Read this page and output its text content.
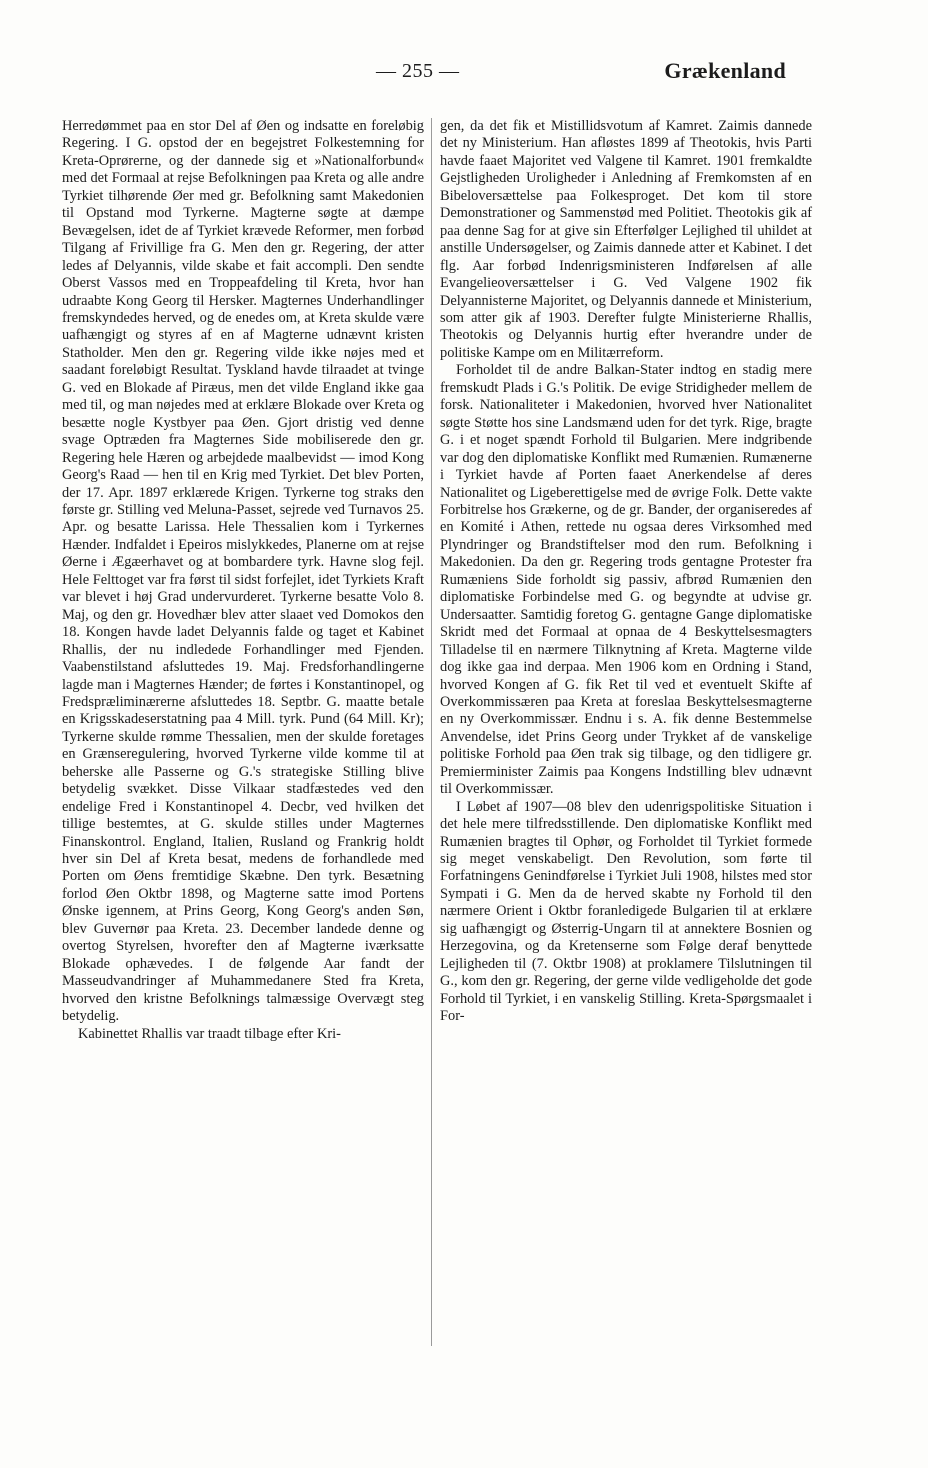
— 255 —	Grækenland

Herredømmet paa en stor Del af Øen og indsatte en foreløbig Regering. I G. opstod der en begejstret Folkestemning for Kreta-Oprørerne, og der dannede sig et »Nationalforbund« med det Formaal at rejse Befolkningen paa Kreta og alle andre Tyrkiet tilhørende Øer med gr. Befolkning samt Makedonien til Opstand mod Tyrkerne. Magterne søgte at dæmpe Bevægelsen, idet de af Tyrkiet krævede Reformer, men forbød Tilgang af Frivillige fra G. Men den gr. Regering, der atter ledes af Delyannis, vilde skabe et fait accompli. Den sendte Oberst Vassos med en Troppeafdeling til Kreta, hvor han udraabte Kong Georg til Hersker. Magternes Underhandlinger fremskyndedes herved, og de enedes om, at Kreta skulde være uafhængigt og styres af en af Magterne udnævnt kristen Statholder. Men den gr. Regering vilde ikke nøjes med et saadant foreløbigt Resultat. Tyskland havde tilraadet at tvinge G. ved en Blokade af Piræus, men det vilde England ikke gaa med til, og man nøjedes med at erklære Blokade over Kreta og besætte nogle Kystbyer paa Øen. Gjort dristig ved denne svage Optræden fra Magternes Side mobiliserede den gr. Regering hele Hæren og arbejdede maalbevidst — imod Kong Georg's Raad — hen til en Krig med Tyrkiet. Det blev Porten, der 17. Apr. 1897 erklærede Krigen. Tyrkerne tog straks den første gr. Stilling ved Meluna-Passet, sejrede ved Turnavos 25. Apr. og besatte Larissa. Hele Thessalien kom i Tyrkernes Hænder. Indfaldet i Epeiros mislykkedes, Planerne om at rejse Øerne i Ægæerhavet og at bombardere tyrk. Havne slog fejl. Hele Felttoget var fra først til sidst forfejlet, idet Tyrkiets Kraft var blevet i høj Grad undervurderet. Tyrkerne besatte Volo 8. Maj, og den gr. Hovedhær blev atter slaaet ved Domokos den 18. Kongen havde ladet Delyannis falde og taget et Kabinet Rhallis, der nu indledede Forhandlinger med Fjenden. Vaabenstilstand afsluttedes 19. Maj. Fredsforhandlingerne lagde man i Magternes Hænder; de førtes i Konstantinopel, og Fredspræliminærerne afsluttedes 18. Septbr. G. maatte betale en Krigsskadeserstatning paa 4 Mill. tyrk. Pund (64 Mill. Kr); Tyrkerne skulde rømme Thessalien, men der skulde foretages en Grænseregulering, hvorved Tyrkerne vilde komme til at beherske alle Passerne og G.'s strategiske Stilling blive betydelig svækket. Disse Vilkaar stadfæstedes ved den endelige Fred i Konstantinopel 4. Decbr, ved hvilken det tillige bestemtes, at G. skulde stilles under Magternes Finanskontrol. England, Italien, Rusland og Frankrig holdt hver sin Del af Kreta besat, medens de forhandlede med Porten om Øens fremtidige Skæbne. Den tyrk. Besætning forlod Øen Oktbr 1898, og Magterne satte imod Portens Ønske igennem, at Prins Georg, Kong Georg's anden Søn, blev Guvernør paa Kreta. 23. December landede denne og overtog Styrelsen, hvorefter den af Magterne iværksatte Blokade ophævedes. I de følgende Aar fandt der Masseudvandringer af Muhammedanere Sted fra Kreta, hvorved den kristne Befolknings talmæssige Overvægt steg betydelig.

Kabinettet Rhallis var traadt tilbage efter Kri-

gen, da det fik et Mistillidsvotum af Kamret. Zaimis dannede det ny Ministerium. Han afløstes 1899 af Theotokis, hvis Parti havde faaet Majoritet ved Valgene til Kamret. 1901 fremkaldte Gejstligheden Uroligheder i Anledning af Fremkomsten af en Bibeloversættelse paa Folkesproget. Det kom til store Demonstrationer og Sammenstød med Politiet. Theotokis gik af paa denne Sag for at give sin Efterfølger Lejlighed til uhildet at anstille Undersøgelser, og Zaimis dannede atter et Kabinet. I det flg. Aar forbød Indenrigsministeren Indførelsen af alle Evangelieoversættelser i G. Ved Valgene 1902 fik Delyannisterne Majoritet, og Delyannis dannede et Ministerium, som atter gik af 1903. Derefter fulgte Ministerierne Rhallis, Theotokis og Delyannis hurtig efter hverandre under de politiske Kampe om en Militærreform.

Forholdet til de andre Balkan-Stater indtog en stadig mere fremskudt Plads i G.'s Politik. De evige Stridigheder mellem de forsk. Nationaliteter i Makedonien, hvorved hver Nationalitet søgte Støtte hos sine Landsmænd uden for det tyrk. Rige, bragte G. i et noget spændt Forhold til Bulgarien. Mere indgribende var dog den diplomatiske Konflikt med Rumænien. Rumænerne i Tyrkiet havde af Porten faaet Anerkendelse af deres Nationalitet og Ligeberettigelse med de øvrige Folk. Dette vakte Forbitrelse hos Grækerne, og de gr. Bander, der organiseredes af en Komité i Athen, rettede nu ogsaa deres Virksomhed med Plyndringer og Brandstiftelser mod den rum. Befolkning i Makedonien. Da den gr. Regering trods gentagne Protester fra Rumæniens Side forholdt sig passiv, afbrød Rumænien den diplomatiske Forbindelse med G. og begyndte at udvise gr. Undersaatter. Samtidig foretog G. gentagne Gange diplomatiske Skridt med det Formaal at opnaa de 4 Beskyttelsesmagters Tilladelse til en nærmere Tilknytning af Kreta. Magterne vilde dog ikke gaa ind derpaa. Men 1906 kom en Ordning i Stand, hvorved Kongen af G. fik Ret til ved et eventuelt Skifte af Overkommissæren paa Kreta at foreslaa Beskyttelsesmagterne en ny Overkommissær. Endnu i s. A. fik denne Bestemmelse Anvendelse, idet Prins Georg under Trykket af de vanskelige politiske Forhold paa Øen trak sig tilbage, og den tidligere gr. Premierminister Zaimis paa Kongens Indstilling blev udnævnt til Overkommissær.

I Løbet af 1907—08 blev den udenrigspolitiske Situation i det hele mere tilfredsstillende. Den diplomatiske Konflikt med Rumænien bragtes til Ophør, og Forholdet til Tyrkiet formede sig meget venskabeligt. Den Revolution, som førte til Forfatningens Genindførelse i Tyrkiet Juli 1908, hilstes med stor Sympati i G. Men da de herved skabte ny Forhold til den nærmere Orient i Oktbr foranledigede Bulgarien til at erklære sig uafhængigt og Østerrig-Ungarn til at annektere Bosnien og Herzegovina, og da Kretenserne som Følge deraf benyttede Lejligheden til (7. Oktbr 1908) at proklamere Tilslutningen til G., kom den gr. Regering, der gerne vilde vedligeholde det gode Forhold til Tyrkiet, i en vanskelig Stilling. Kreta-Spørgsmaalet i For-
